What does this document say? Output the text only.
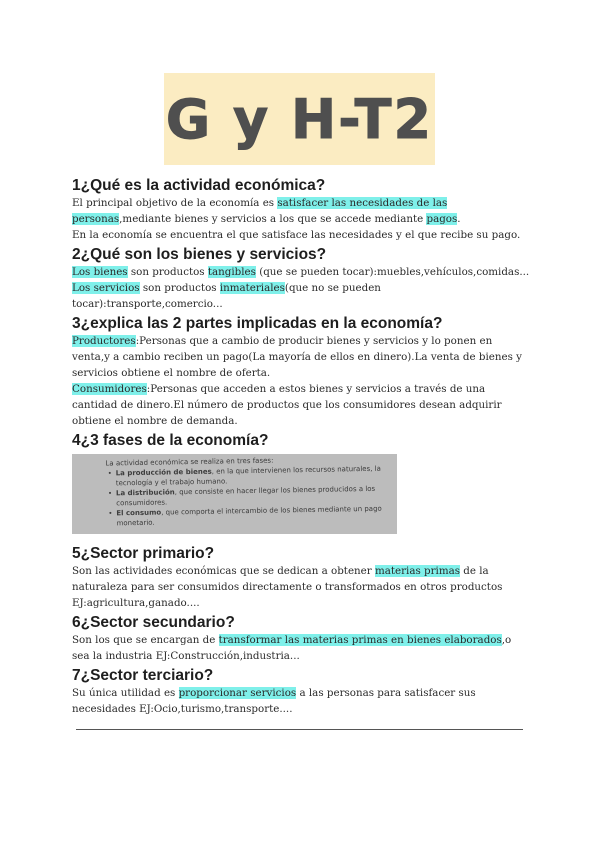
G y H-T2
1¿Qué es la actividad económica?

El principal objetivo de la economía es satisfacer las necesidades de las personas,mediante bienes y servicios a los que se accede mediante pagos.

En la economía se encuentra el que satisface las necesidades y el que recibe su pago.

2¿Qué son los bienes y servicios?

Los bienes son productos tangibles (que se pueden tocar):muebles,vehículos,comidas...

Los servicios son productos inmateriales(que no se pueden tocar):transporte,comercio...

3¿explica las 2 partes implicadas en la economía?

Productores:Personas que a cambio de producir bienes y servicios y lo ponen en venta,y a cambio reciben un pago(La mayoría de ellos en dinero).La venta de bienes y servicios obtiene el nombre de oferta.

Consumidores:Personas que acceden a estos bienes y servicios a través de una cantidad de dinero.El número de productos que los consumidores desean adquirir obtiene el nombre de demanda.

4¿3 fases de la economía?
La actividad económica se realiza en tres fases:
• La producción de bienes, en la que intervienen los recursos naturales, la tecnología y el trabajo humano.
• La distribución, que consiste en hacer llegar los bienes producidos a los consumidores.
• El consumo, que comporta el intercambio de los bienes mediante un pago monetario.
5¿Sector primario?

Son las actividades económicas que se dedican a obtener materias primas de la naturaleza para ser consumidos directamente o transformados en otros productos EJ:agricultura,ganado....

6¿Sector secundario?

Son los que se encargan de transformar las materias primas en bienes elaborados,o sea la industria EJ:Construcción,industria...

7¿Sector terciario?

Su única utilidad es proporcionar servicios a las personas para satisfacer sus necesidades EJ:Ocio,turismo,transporte....
